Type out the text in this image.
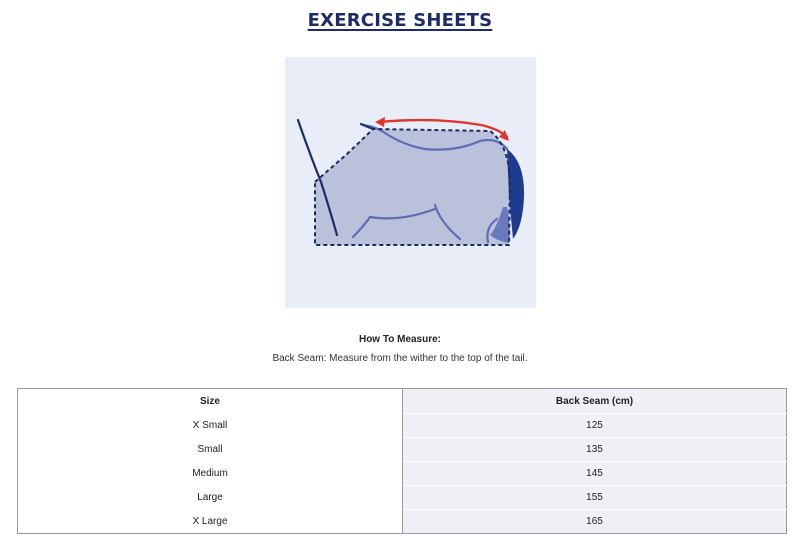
EXERCISE SHEETS
How To Measure:
Back Seam: Measure from the wither to the top of the tail.
Size	Back Seam (cm)
X Small	125
Small	135
Medium	145
Large	155
X Large	165
